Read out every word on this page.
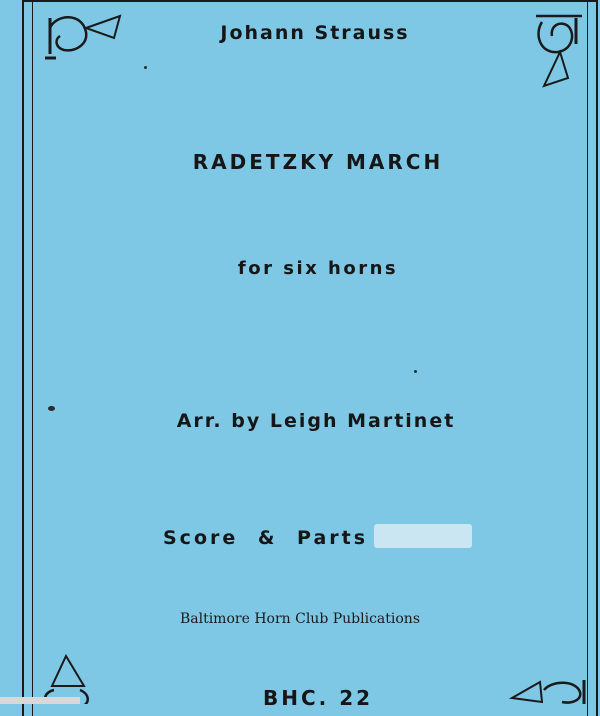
Johann Strauss
RADETZKY MARCH
for six horns
Arr. by Leigh Martinet
Score & Parts
Baltimore Horn Club Publications
BHC. 22
